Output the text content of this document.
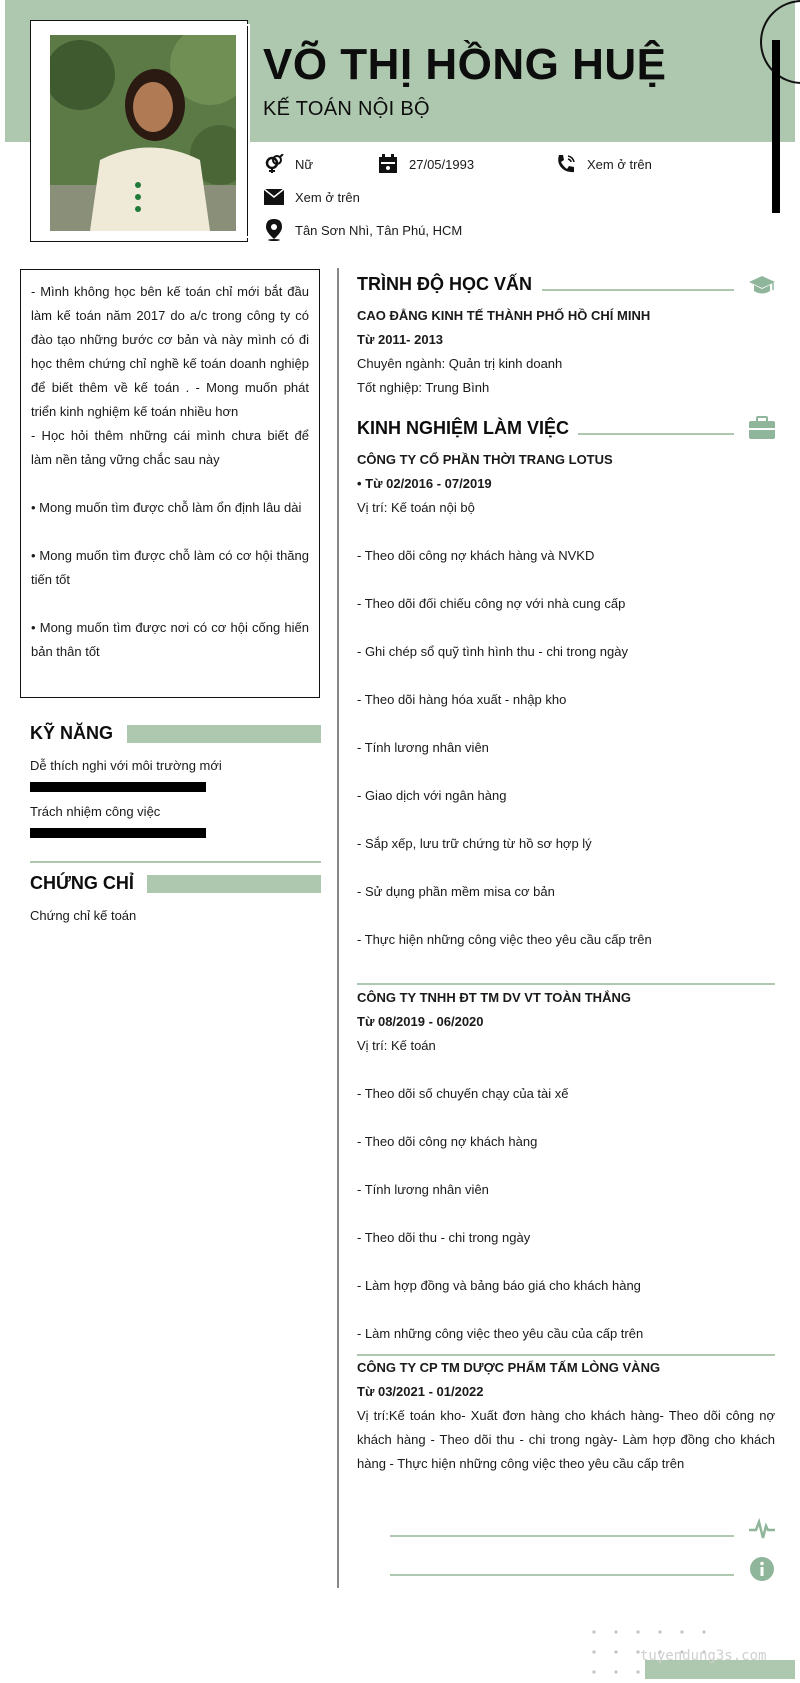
VÕ THỊ HỒNG HUỆ
KẾ TOÁN NỘI BỘ
Nữ	27/05/1993	Xem ở trên
Xem ở trên
Tân Sơn Nhì, Tân Phú, HCM

- Mình không học bên kế toán chỉ mới bắt đầu làm kế toán năm 2017 do a/c trong công ty có đào tạo những bước cơ bản và này mình có đi học thêm chứng chỉ nghề kế toán doanh nghiệp để biết thêm về kế toán . - Mong muốn phát triển kinh nghiệm kế toán nhiều hơn

- Học hỏi thêm những cái mình chưa biết để làm nền tảng vững chắc sau này

• Mong muốn tìm được chỗ làm ổn định lâu dài

• Mong muốn tìm được chỗ làm có cơ hội thăng tiến tốt

• Mong muốn tìm được nơi có cơ hội cống hiến bản thân tốt

KỸ NĂNG
Dễ thích nghi với môi trường mới
Trách nhiệm công việc
CHỨNG CHỈ
Chứng chỉ kế toán
TRÌNH ĐỘ HỌC VẤN
CAO ĐẲNG KINH TẾ THÀNH PHỐ HỒ CHÍ MINH
Từ 2011- 2013
Chuyên ngành: Quản trị kinh doanh
Tốt nghiệp: Trung Bình
KINH NGHIỆM LÀM VIỆC
CÔNG TY CỔ PHẦN THỜI TRANG LOTUS
• Từ 02/2016 - 07/2019
Vị trí: Kế toán nội bộ
- Theo dõi công nợ khách hàng và NVKD
- Theo dõi đối chiếu công nợ với nhà cung cấp
- Ghi chép sổ quỹ tình hình thu - chi trong ngày
- Theo dõi hàng hóa xuất - nhập kho
- Tính lương nhân viên
- Giao dịch với ngân hàng
- Sắp xếp, lưu trữ chứng từ hồ sơ hợp lý
- Sử dụng phần mềm misa cơ bản
- Thực hiện những công việc theo yêu cầu cấp trên
CÔNG TY TNHH ĐT TM DV VT TOÀN THẮNG
Từ 08/2019 - 06/2020
Vị trí: Kế toán
- Theo dõi số chuyến chạy của tài xế
- Theo dõi công nợ khách hàng
- Tính lương nhân viên
- Theo dõi thu - chi trong ngày
- Làm hợp đồng và bảng báo giá cho khách hàng
- Làm những công việc theo yêu cầu của cấp trên
CÔNG TY CP TM DƯỢC PHẨM TẤM LÒNG VÀNG
Từ 03/2021 - 01/2022
Vị trí:Kế toán kho- Xuất đơn hàng cho khách hàng- Theo dõi công nợ khách hàng - Theo dõi thu - chi trong ngày- Làm hợp đồng cho khách hàng - Thực hiện những công việc theo yêu cầu cấp trên
tuyendung3s.com
